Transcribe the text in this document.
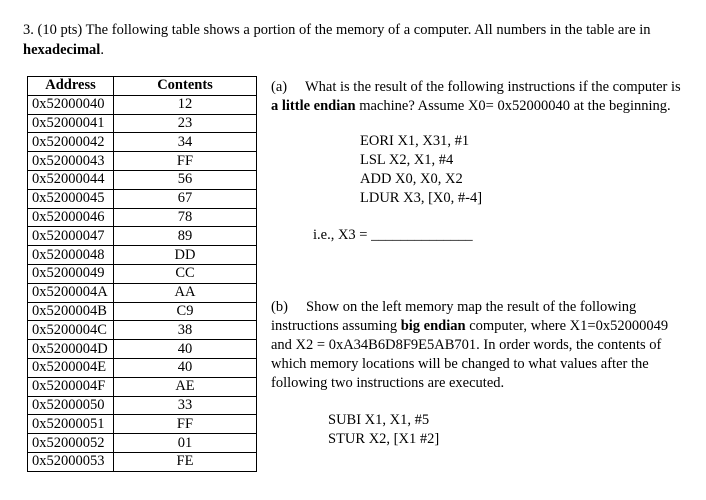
3. (10 pts) The following table shows a portion of the memory of a computer. All numbers in the table are in hexadecimal.
Address	Contents
0x52000040	12
0x52000041	23
0x52000042	34
0x52000043	FF
0x52000044	56
0x52000045	67
0x52000046	78
0x52000047	89
0x52000048	DD
0x52000049	CC
0x5200004A	AA
0x5200004B	C9
0x5200004C	38
0x5200004D	40
0x5200004E	40
0x5200004F	AE
0x52000050	33
0x52000051	FF
0x52000052	01
0x52000053	FE
(a) What is the result of the following instructions if the computer is a little endian machine? Assume X0= 0x52000040 at the beginning.
EORI X1, X31, #1
LSL X2, X1, #4
ADD X0, X0, X2
LDUR X3, [X0, #-4]
i.e., X3 = ______________
(b) Show on the left memory map the result of the following instructions assuming big endian computer, where X1=0x52000049 and X2 = 0xA34B6D8F9E5AB701. In order words, the contents of which memory locations will be changed to what values after the following two instructions are executed.
SUBI X1, X1, #5
STUR X2, [X1 #2]
